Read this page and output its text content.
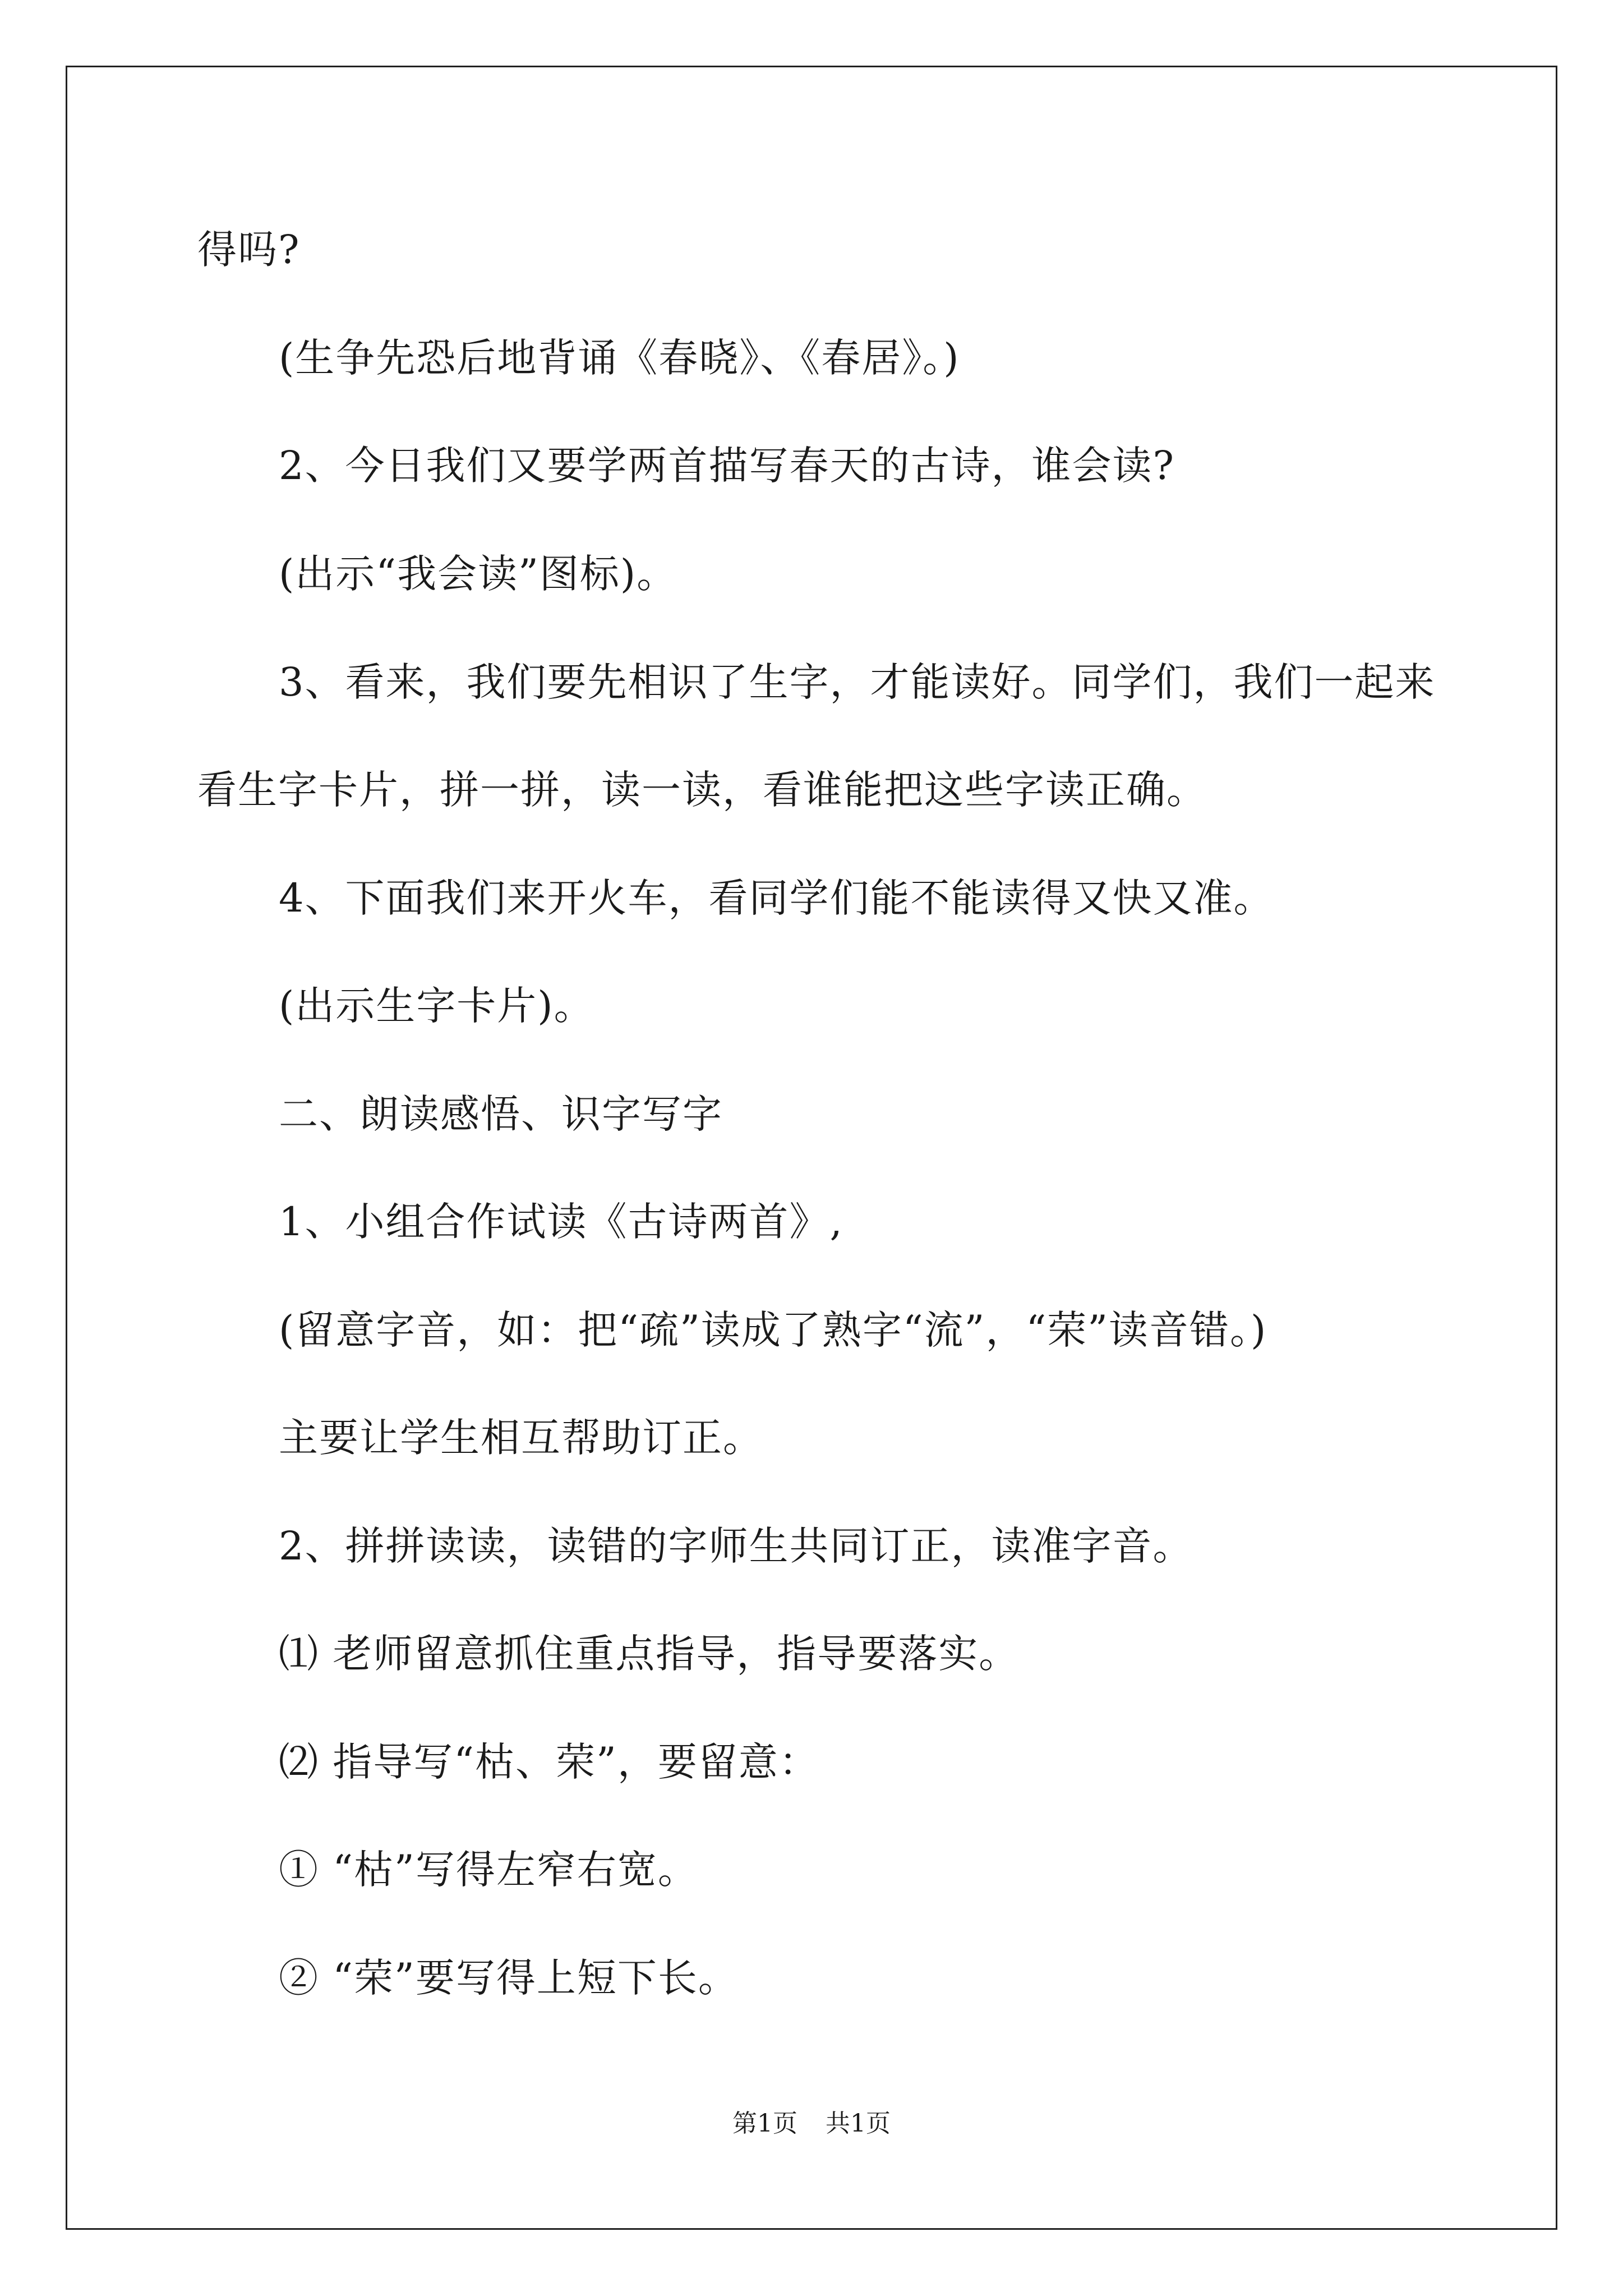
得吗?
(生争先恐后地背诵《春晓》、《春居》。)
2、今日我们又要学两首描写春天的古诗，谁会读?
(出示“我会读”图标)。
3、看来，我们要先相识了生字，才能读好。同学们，我们一起来
看生字卡片，拼一拼，读一读，看谁能把这些字读正确。
4、下面我们来开火车，看同学们能不能读得又快又准。
(出示生字卡片)。
二、朗读感悟、识字写字
1、小组合作试读《古诗两首》,
(留意字音，如：把“疏”读成了熟字“流”，“荣”读音错。)
主要让学生相互帮助订正。
2、拼拼读读，读错的字师生共同订正，读准字音。
⑴ 老师留意抓住重点指导，指导要落实。
⑵ 指导写“枯、荣”，要留意：
① “枯”写得左窄右宽。
② “荣”要写得上短下长。
第1页 共1页
